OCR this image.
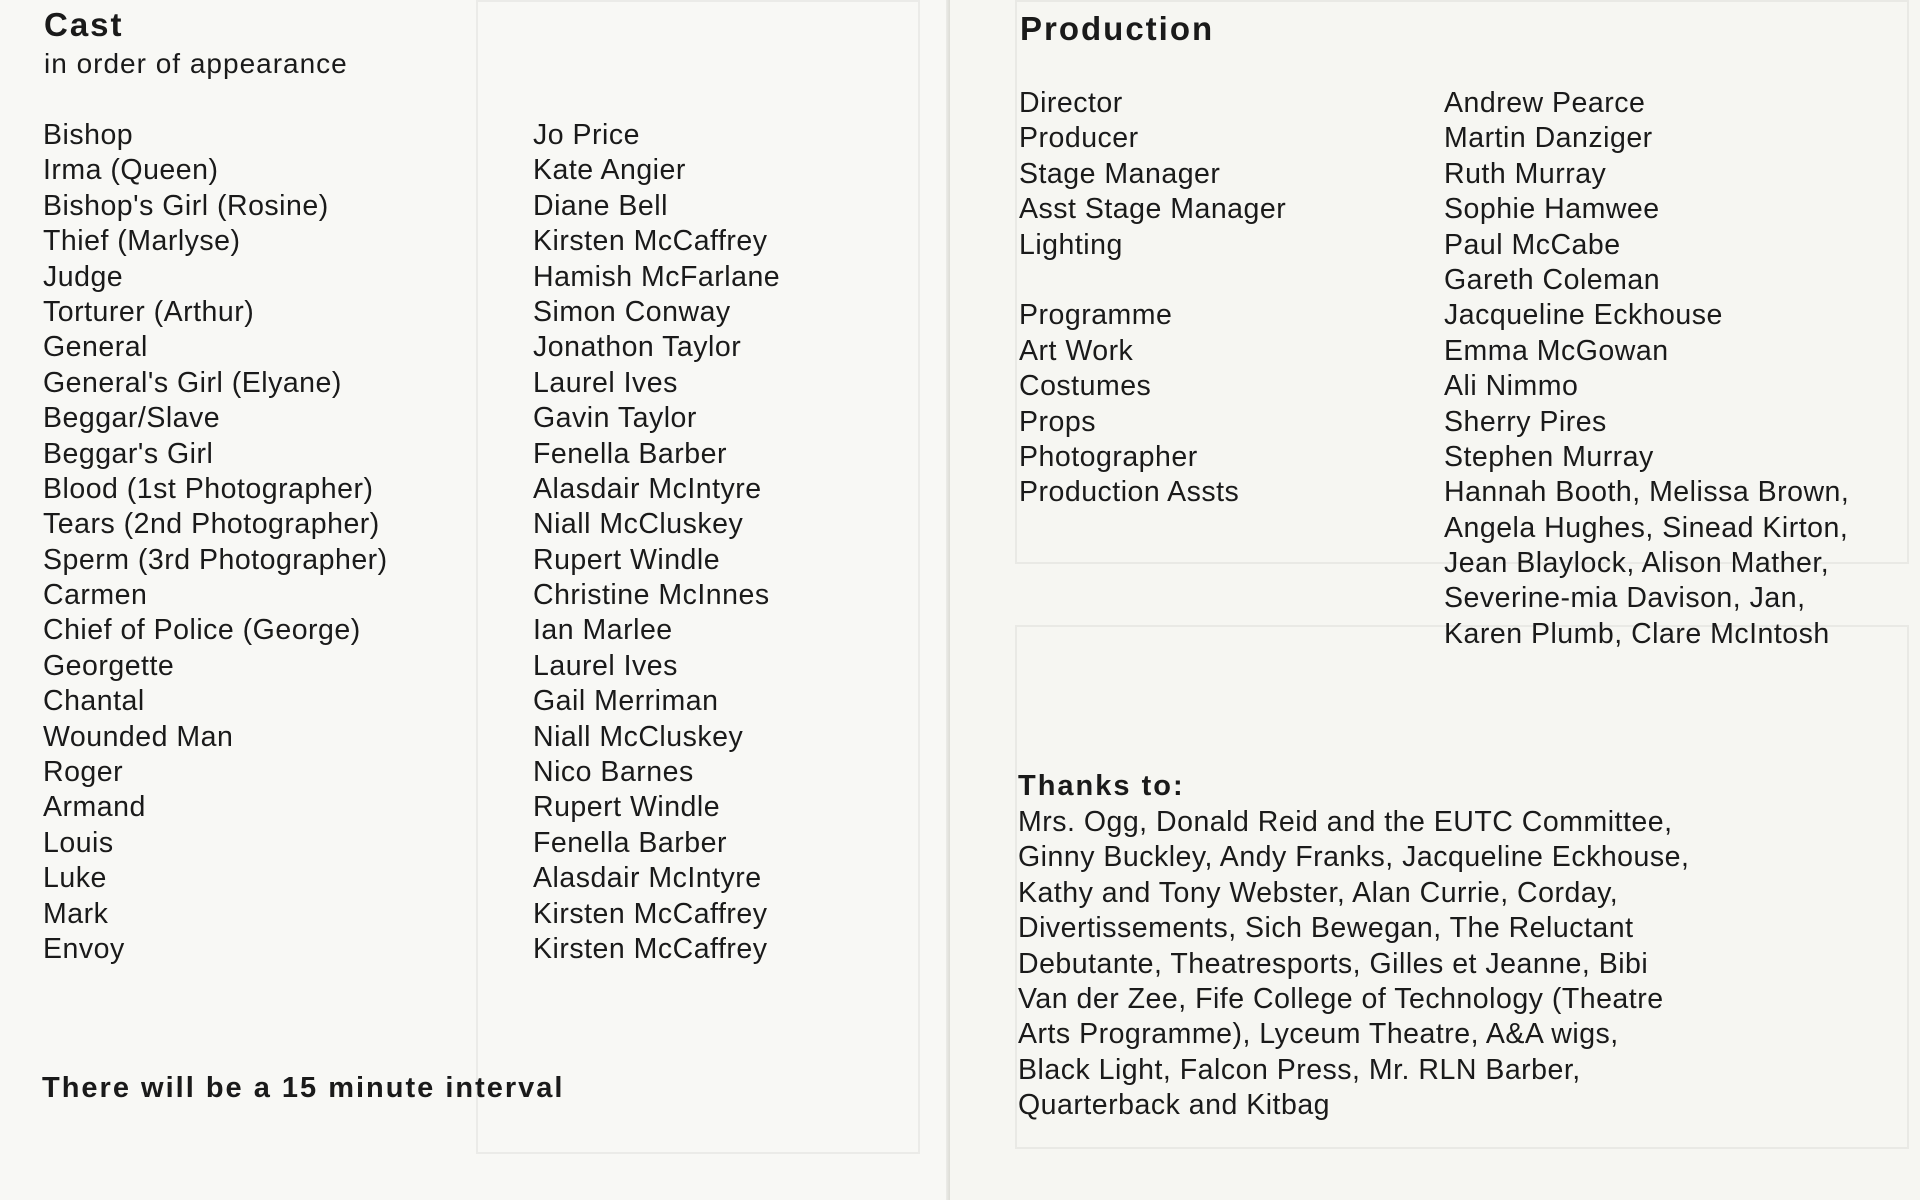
Cast
in order of appearance
Bishop	Jo Price
Irma (Queen)	Kate Angier
Bishop's Girl (Rosine)	Diane Bell
Thief (Marlyse)	Kirsten McCaffrey
Judge	Hamish McFarlane
Torturer (Arthur)	Simon Conway
General	Jonathon Taylor
General's Girl (Elyane)	Laurel Ives
Beggar/Slave	Gavin Taylor
Beggar's Girl	Fenella Barber
Blood (1st Photographer)	Alasdair McIntyre
Tears (2nd Photographer)	Niall McCluskey
Sperm (3rd Photographer)	Rupert Windle
Carmen	Christine McInnes
Chief of Police (George)	Ian Marlee
Georgette	Laurel Ives
Chantal	Gail Merriman
Wounded Man	Niall McCluskey
Roger	Nico Barnes
Armand	Rupert Windle
Louis	Fenella Barber
Luke	Alasdair McIntyre
Mark	Kirsten McCaffrey
Envoy	Kirsten McCaffrey
There will be a 15 minute interval
Production
Director	Andrew Pearce
Producer	Martin Danziger
Stage Manager	Ruth Murray
Asst Stage Manager	Sophie Hamwee
Lighting	Paul McCabe
Gareth Coleman
Programme	Jacqueline Eckhouse
Art Work	Emma McGowan
Costumes	Ali Nimmo
Props	Sherry Pires
Photographer	Stephen Murray
Production Assts	Hannah Booth, Melissa Brown,
Angela Hughes, Sinead Kirton,
Jean Blaylock, Alison Mather,
Severine-mia Davison, Jan,
Karen Plumb, Clare McIntosh
Thanks to:
Mrs. Ogg, Donald Reid and the EUTC Committee,
Ginny Buckley, Andy Franks, Jacqueline Eckhouse,
Kathy and Tony Webster, Alan Currie, Corday,
Divertissements, Sich Bewegan, The Reluctant
Debutante, Theatresports, Gilles et Jeanne, Bibi
Van der Zee, Fife College of Technology (Theatre
Arts Programme), Lyceum Theatre, A&A wigs,
Black Light, Falcon Press, Mr. RLN Barber,
Quarterback and Kitbag
